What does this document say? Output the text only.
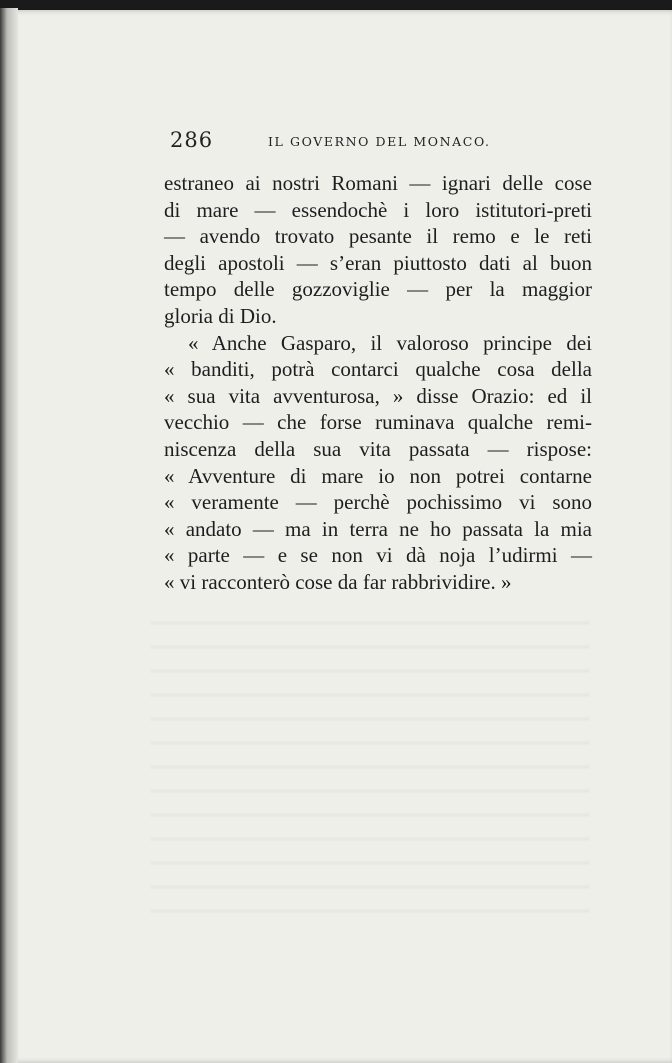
286	IL GOVERNO DEL MONACO.
estraneo ai nostri Romani — ignari delle cose
di mare — essendochè i loro istitutori-preti
— avendo trovato pesante il remo e le reti
degli apostoli — s’eran piuttosto dati al buon
tempo delle gozzoviglie — per la maggior
gloria di Dio.
« Anche Gasparo, il valoroso principe dei
« banditi, potrà contarci qualche cosa della
« sua vita avventurosa, » disse Orazio: ed il
vecchio — che forse ruminava qualche remi-
niscenza della sua vita passata — rispose:
« Avventure di mare io non potrei contarne
« veramente — perchè pochissimo vi sono
« andato — ma in terra ne ho passata la mia
« parte — e se non vi dà noja l’udirmi —
« vi racconterò cose da far rabbrividire. »
